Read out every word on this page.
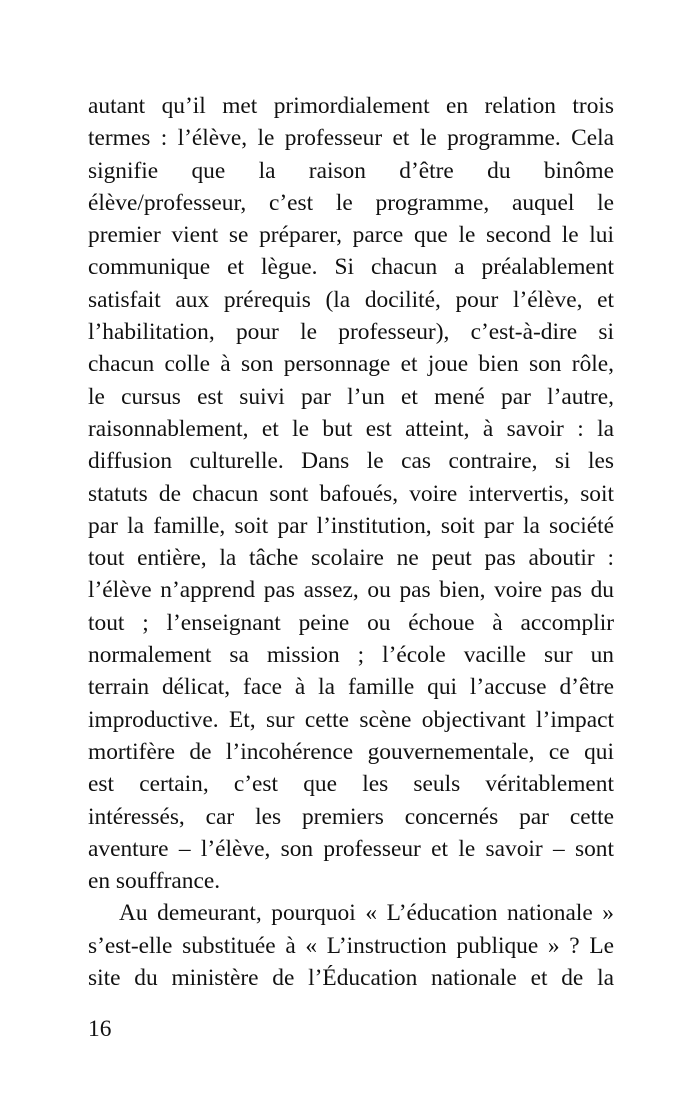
autant qu’il met primordialement en relation trois
termes : l’élève, le professeur et le programme. Cela
signifie que la raison d’être du binôme
élève/professeur, c’est le programme, auquel le
premier vient se préparer, parce que le second le lui
communique et lègue. Si chacun a préalablement
satisfait aux prérequis (la docilité, pour l’élève, et
l’habilitation, pour le professeur), c’est-à-dire si
chacun colle à son personnage et joue bien son rôle,
le cursus est suivi par l’un et mené par l’autre,
raisonnablement, et le but est atteint, à savoir : la
diffusion culturelle. Dans le cas contraire, si les
statuts de chacun sont bafoués, voire intervertis, soit
par la famille, soit par l’institution, soit par la société
tout entière, la tâche scolaire ne peut pas aboutir :
l’élève n’apprend pas assez, ou pas bien, voire pas du
tout ; l’enseignant peine ou échoue à accomplir
normalement sa mission ; l’école vacille sur un
terrain délicat, face à la famille qui l’accuse d’être
improductive. Et, sur cette scène objectivant l’impact
mortifère de l’incohérence gouvernementale, ce qui
est certain, c’est que les seuls véritablement
intéressés, car les premiers concernés par cette
aventure – l’élève, son professeur et le savoir – sont
en souffrance.
Au demeurant, pourquoi « L’éducation nationale »
s’est-elle substituée à « L’instruction publique » ? Le
site du ministère de l’Éducation nationale et de la
16
